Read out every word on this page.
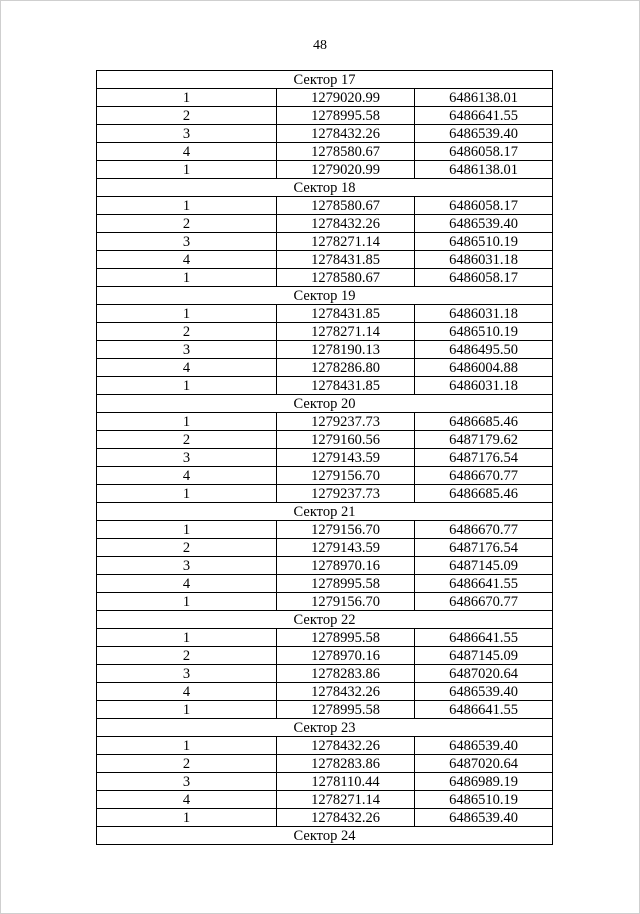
48
Сектор 17		
1	1279020.99	6486138.01
2	1278995.58	6486641.55
3	1278432.26	6486539.40
4	1278580.67	6486058.17
1	1279020.99	6486138.01
Сектор 18		
1	1278580.67	6486058.17
2	1278432.26	6486539.40
3	1278271.14	6486510.19
4	1278431.85	6486031.18
1	1278580.67	6486058.17
Сектор 19		
1	1278431.85	6486031.18
2	1278271.14	6486510.19
3	1278190.13	6486495.50
4	1278286.80	6486004.88
1	1278431.85	6486031.18
Сектор 20		
1	1279237.73	6486685.46
2	1279160.56	6487179.62
3	1279143.59	6487176.54
4	1279156.70	6486670.77
1	1279237.73	6486685.46
Сектор 21		
1	1279156.70	6486670.77
2	1279143.59	6487176.54
3	1278970.16	6487145.09
4	1278995.58	6486641.55
1	1279156.70	6486670.77
Сектор 22		
1	1278995.58	6486641.55
2	1278970.16	6487145.09
3	1278283.86	6487020.64
4	1278432.26	6486539.40
1	1278995.58	6486641.55
Сектор 23		
1	1278432.26	6486539.40
2	1278283.86	6487020.64
3	1278110.44	6486989.19
4	1278271.14	6486510.19
1	1278432.26	6486539.40
Сектор 24		
